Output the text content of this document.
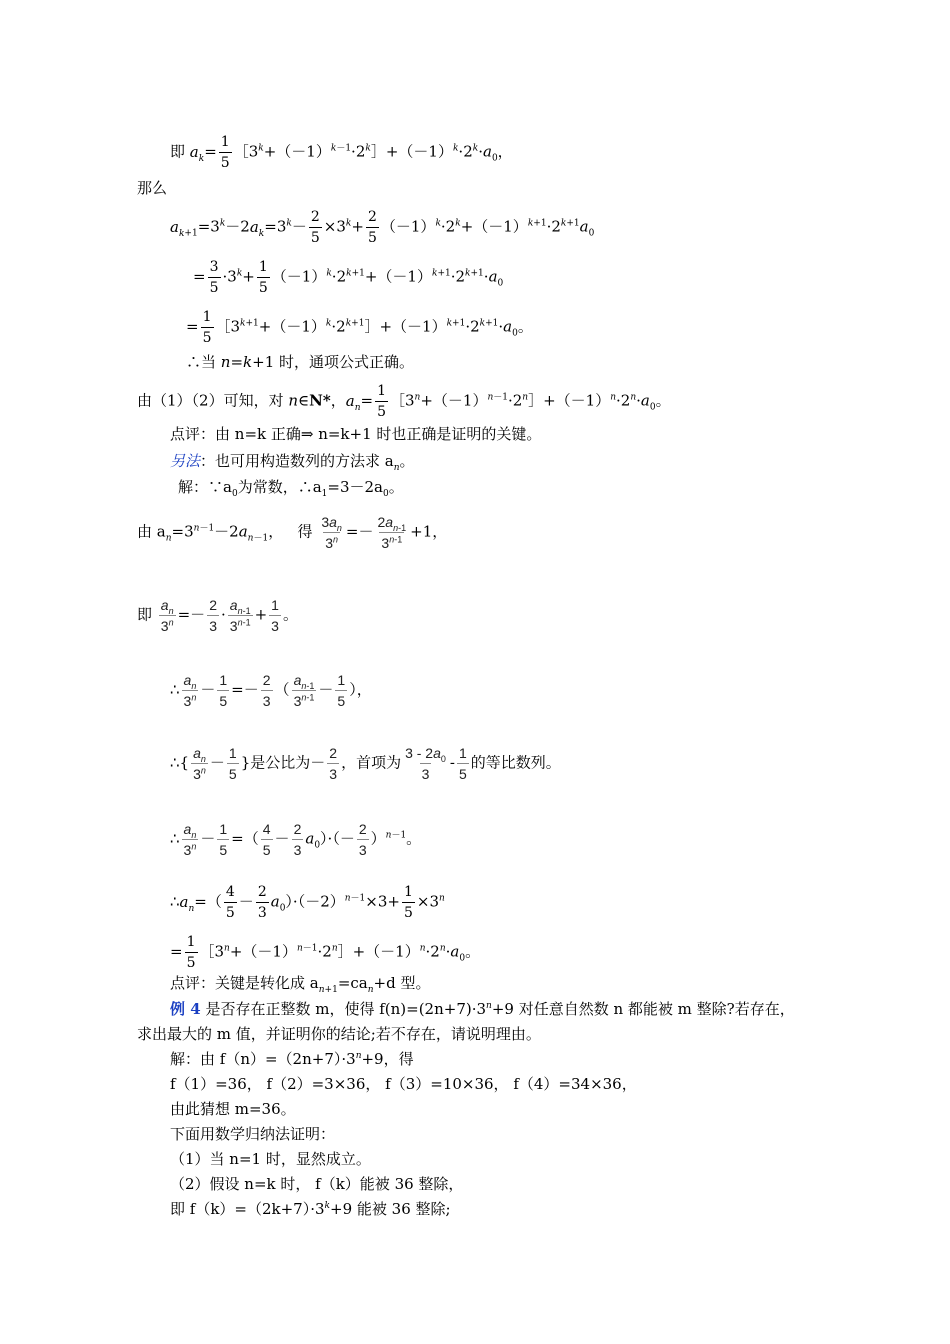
即 $a_k= \frac{1}{5}$ $[3^k+(-1)^{k-1}\cdot 2^k]+(-1)^k\cdot 2^k\cdot a_0$，
那么
$a_{k+1}=3^k-2a_k=3^k- \frac{2}{5} \times 3^k+ \frac{2}{5} (-1)^k\cdot 2^k+(-1)^{k+1}\cdot 2^{k+1}a_0$
= $\frac{3}{5} \cdot 3^k+ \frac{1}{5} (-1)^k\cdot 2^{k+1}+(-1)^{k+1}\cdot 2^{k+1}\cdot a_0$
= $\frac{1}{5}$ $[3^{k+1}+(-1)^k\cdot 2^{k+1}]+(-1)^{k+1}\cdot 2^{k+1}\cdot a_0$。
∴当 n=k+1 时，通项公式正确。
由（1）（2）可知，对 n∈N*，$a_n= \frac{1}{5}$ $[3^n+(-1)^{n-1}\cdot 2^n]+(-1)^n\cdot 2^n\cdot a_0$。
点评：由 n=k 正确⇒ n=k+1 时也正确是证明的关键。
另法：也可用构造数列的方法求 $a_n$。
解：$\because a_0$为常数，$\therefore a_1=3-2a_0$。
由 $a_n=3^{n-1}-2a_{n-1}$，   得 $\frac{3a_n}{3^n} =- \frac{2a_{n-1}}{3^{n-1}} +1$，
即 $\frac{a_n}{3^n} =- \frac{2}{3} \cdot \frac{a_{n-1}}{3^{n-1}} + \frac{1}{3}$ 。
∴ $\frac{a_n}{3^n} - \frac{1}{5} =- \frac{2}{3}$ （ $\frac{a_{n-1}}{3^{n-1}} - \frac{1}{5}$ ），
∴{ $\frac{a_n}{3^n} - \frac{1}{5}$ }是公比为－ $\frac{2}{3}$ ，首项为 $\frac{3 - 2a_0}{3} - \frac{1}{5}$ 的等比数列。
∴ $\frac{a_n}{3^n} - \frac{1}{5}$ =（ $\frac{4}{5} - \frac{2}{3} a_0)\cdot(- \frac{2}{3} )^{n-1}$。
$\therefore a_n=( \frac{4}{5} - \frac{2}{3} a_0)\cdot(-2)^{n-1}\times 3+ \frac{1}{5} \times 3^n$
= $\frac{1}{5}$ $[3^n+(-1)^{n-1}\cdot 2^n]+(-1)^n\cdot 2^n\cdot a_0$。
点评：关键是转化成 $a_{n+1}=ca_n+d$ 型。
例 4 是否存在正整数 m，使得 $f(n)=(2n+7)\cdot 3^n+9$ 对任意自然数 n 都能被 m 整除?若存在，
求出最大的 m 值，并证明你的结论;若不存在，请说明理由。
解：由 $f(n)=(2n+7)\cdot 3^n+9$，得
f（1）=36， f（2）=3×36， f（3）=10×36， f（4）=34×36，
由此猜想 m=36。
下面用数学归纳法证明：
（1）当 n=1 时，显然成立。
（2）假设 n=k 时， f（k）能被 36 整除，
即 $f(k)=(2k+7)\cdot 3^k+9$ 能被 36 整除;
